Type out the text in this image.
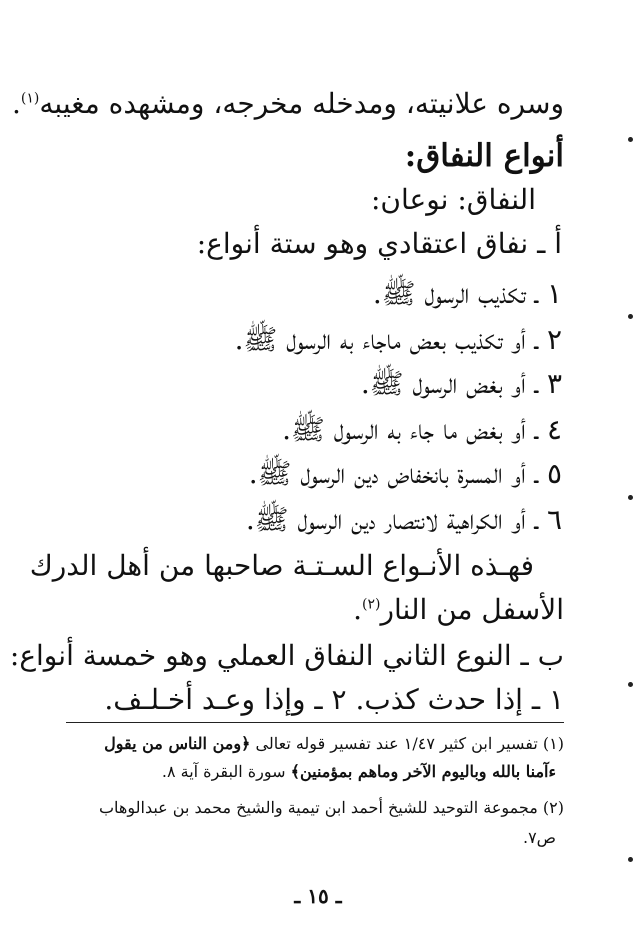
وسره علانيته، ومدخله مخرجه، ومشهده مغيبه$^{(١)}$.
أنواع النفاق:
النفاق: نوعان:
أ ـ نفاق اعتقادي وهو ستة أنواع:
١ ـ تكذيب الرسول ﷺ.
٢ ـ أو تكذيب بعض ماجاء به الرسول ﷺ.
٣ ـ أو بغض الرسول ﷺ.
٤ ـ أو بغض ما جاء به الرسول ﷺ.
٥ ـ أو المسرة بانخفاض دين الرسول ﷺ.
٦ ـ أو الكراهية لانتصار دين الرسول ﷺ.
فهـذه الأنـواع السـتـة صاحبها من أهل الدرك
الأسفل من النار$^{(٢)}$.
ب ـ النوع الثاني النفاق العملي وهو خمسة أنواع:
١ ـ إذا حدث كذب. ٢ ـ وإذا وعـد أخـلـف.
(١) تفسير ابن كثير ١/٤٧ عند تفسير قوله تعالى ﴿ومن الناس من يقول
ءآمنا بالله وباليوم الآخر وماهم بمؤمنين﴾ سورة البقرة آية ٨.
(٢) مجموعة التوحيد للشيخ أحمد ابن تيمية والشيخ محمد بن عبدالوهاب
ص٧.
ـ ١٥ ـ
